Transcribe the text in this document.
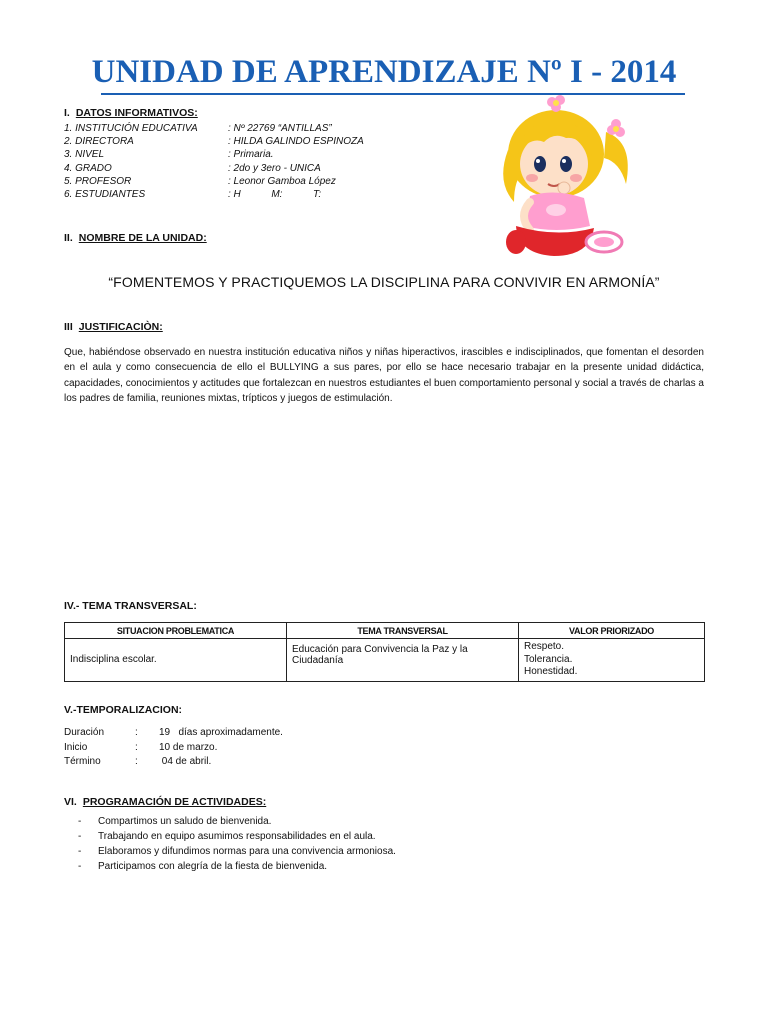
UNIDAD DE APRENDIZAJE Nº I - 2014
I. DATOS INFORMATIVOS:
1. INSTITUCIÓN EDUCATIVA	: Nº 22769 “ANTILLAS”
2. DIRECTORA	: HILDA GALINDO ESPINOZA
3. NIVEL	: Primaria.
4. GRADO	: 2do y 3ero - UNICA
5. PROFESOR	: Leonor Gamboa López
6. ESTUDIANTES	: H           M:           T:
II. NOMBRE DE LA UNIDAD:
“FOMENTEMOS Y PRACTIQUEMOS LA DISCIPLINA PARA CONVIVIR EN ARMONÍA”
III JUSTIFICACIÒN:
Que, habiéndose observado en nuestra institución educativa niños y niñas hiperactivos, irascibles e indisciplinados, que fomentan el desorden en el aula y como consecuencia de ello el BULLYING a sus pares, por ello se hace necesario trabajar en la presente unidad didáctica, capacidades, conocimientos y actitudes que fortalezcan en nuestros estudiantes el buen comportamiento personal y social a través de charlas a los padres de familia, reuniones mixtas, trípticos y juegos de estimulación.
IV.- TEMA TRANSVERSAL:
SITUACION PROBLEMATICA	TEMA TRANSVERSAL	VALOR PRIORIZADO
Indisciplina escolar.	Educación para Convivencia la Paz y la Ciudadanía	Respeto.
Tolerancia.
Honestidad.
V.-TEMPORALIZACION:
Duración	: 19   días aproximadamente.
Inicio	: 10 de marzo.
Término	: 04 de abril.
VI. PROGRAMACIÓN DE ACTIVIDADES:
- Compartimos un saludo de bienvenida.
- Trabajando en equipo asumimos responsabilidades en el aula.
- Elaboramos y difundimos normas para una convivencia armoniosa.
- Participamos con alegría de la fiesta de bienvenida.
